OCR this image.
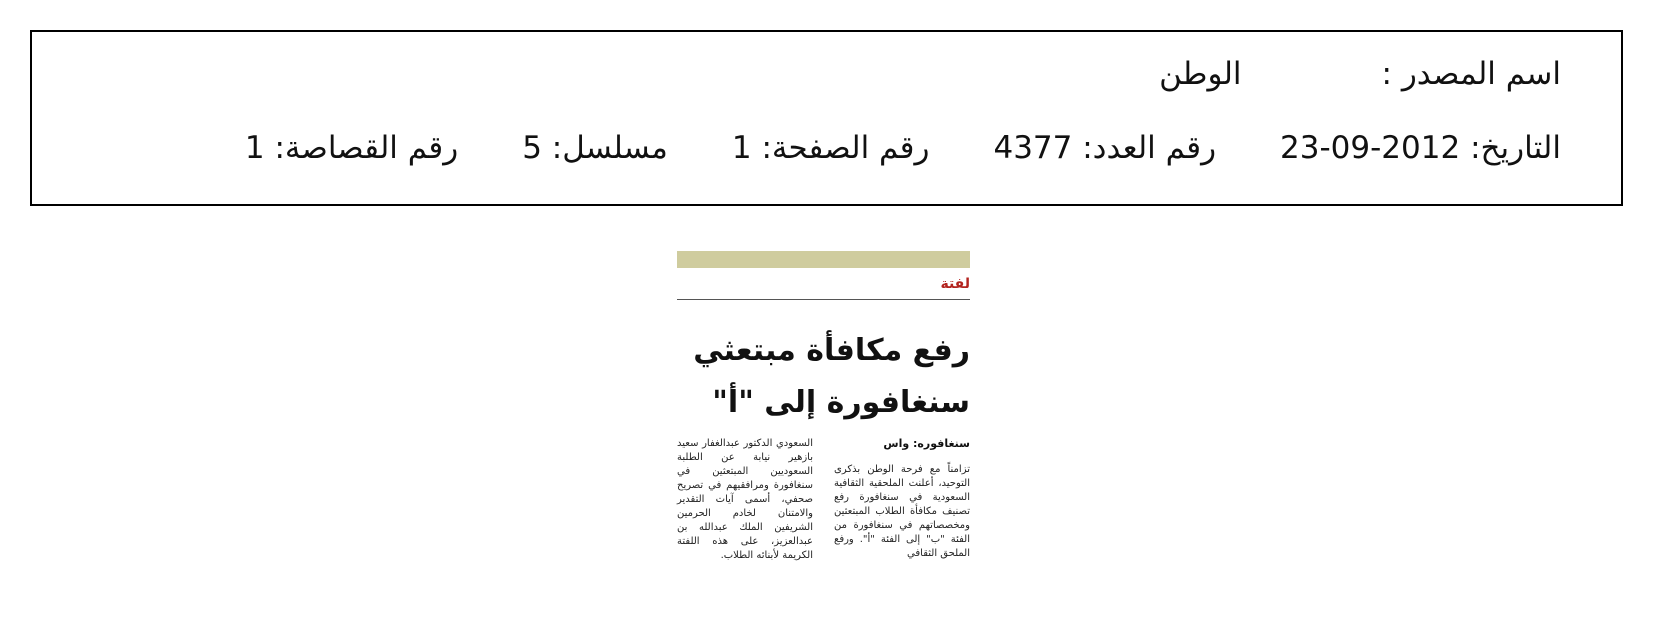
اسم المصدر :الوطن
التاريخ: 23-09-2012رقم العدد: 4377رقم الصفحة: 1مسلسل: 5رقم القصاصة: 1
لفتة
رفع مكافأة مبتعثي
سنغافورة إلى "أ"
سنغافوره: واس
تزامناً مع فرحة الوطن بذكرى التوحيد، أعلنت الملحقية الثقافية السعودية في سنغافورة رفع تصنيف مكافأة الطلاب المبتعثين ومخصصاتهم في سنغافورة من الفئة "ب" إلى الفئة "أ". ورفع الملحق الثقافي
السعودي الدكتور عبدالغفار سعيد بازهير نيابة عن الطلبة السعوديين المبتعثين في سنغافورة ومرافقيهم في تصريح صحفي، أسمى آيات التقدير والامتنان لخادم الحرمين الشريفين الملك عبدالله بن عبدالعزيز، على هذه اللفتة الكريمة لأبنائه الطلاب.
